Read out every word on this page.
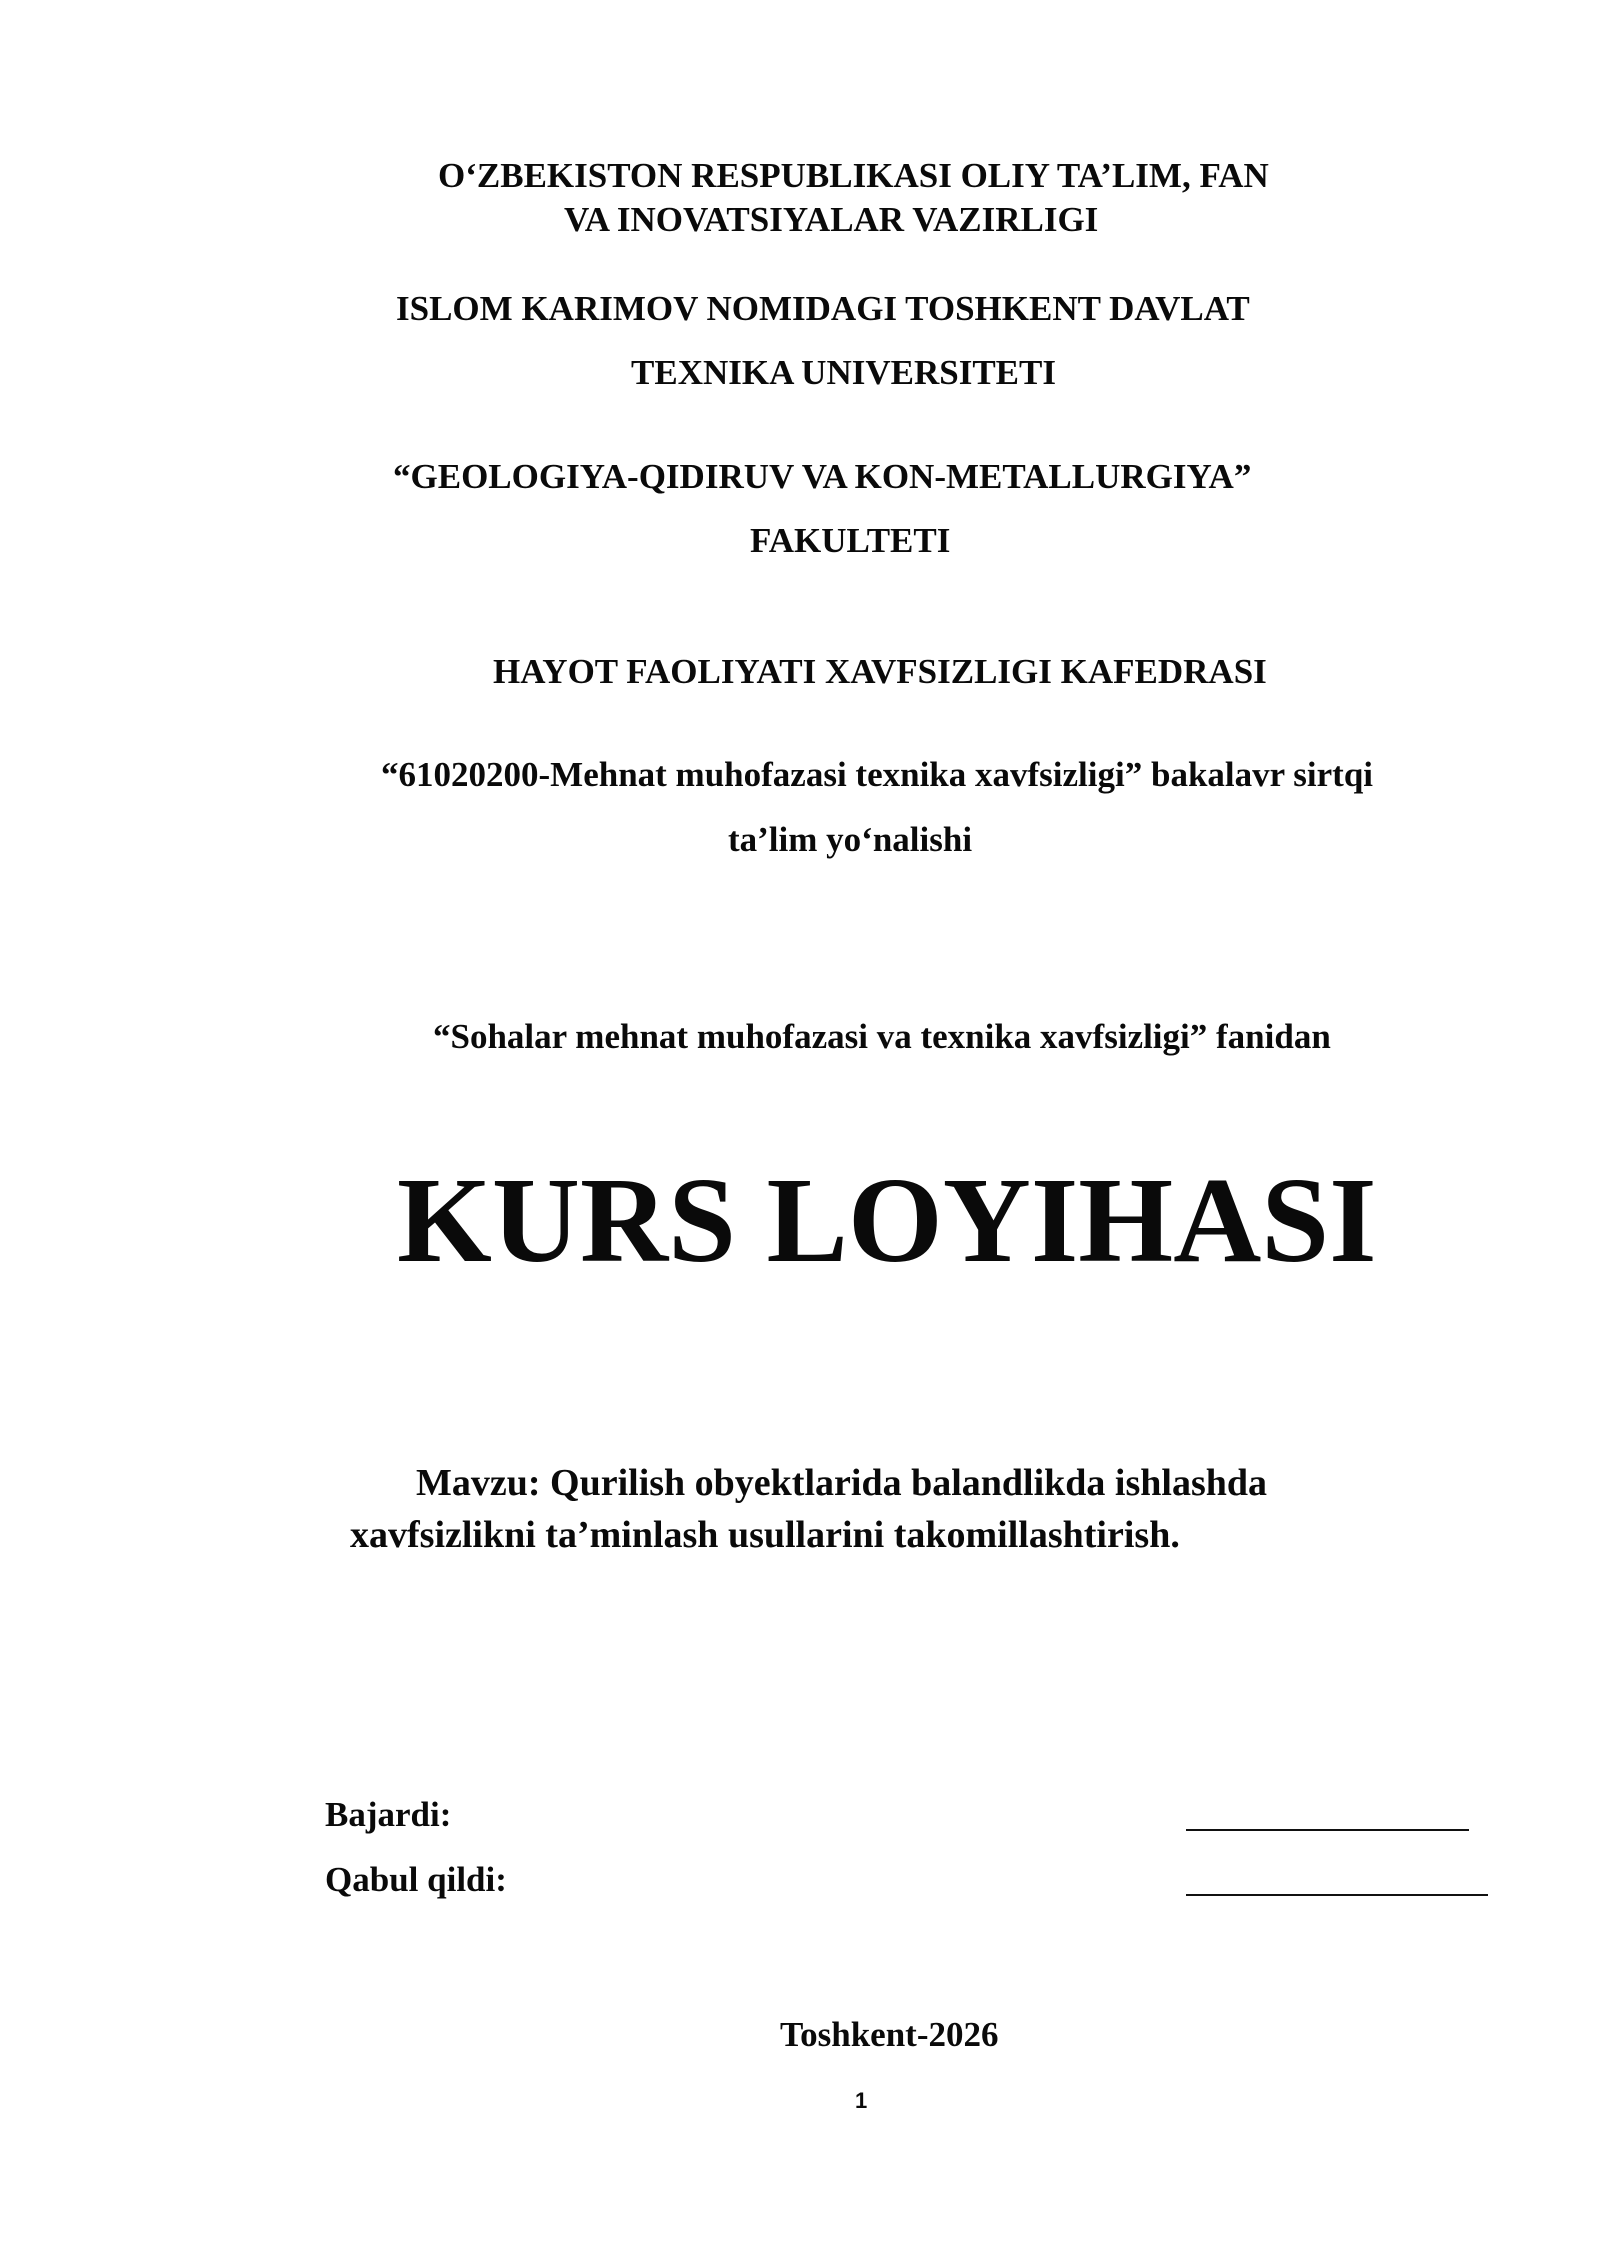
O‘ZBEKISTON RESPUBLIKASI OLIY TA’LIM, FAN
VA INOVATSIYALAR VAZIRLIGI
ISLOM KARIMOV NOMIDAGI TOSHKENT DAVLAT
TEXNIKA UNIVERSITETI
“GEOLOGIYA-QIDIRUV VA KON-METALLURGIYA”
FAKULTETI
HAYOT FAOLIYATI XAVFSIZLIGI KAFEDRASI
“61020200-Mehnat muhofazasi texnika xavfsizligi” bakalavr sirtqi
ta’lim yo‘nalishi
“Sohalar mehnat muhofazasi va texnika xavfsizligi” fanidan
KURS LOYIHASI
Mavzu: Qurilish obyektlarida balandlikda ishlashda
xavfsizlikni ta’minlash usullarini takomillashtirish.
Bajardi:
Qabul qildi:
Toshkent-2026
1
